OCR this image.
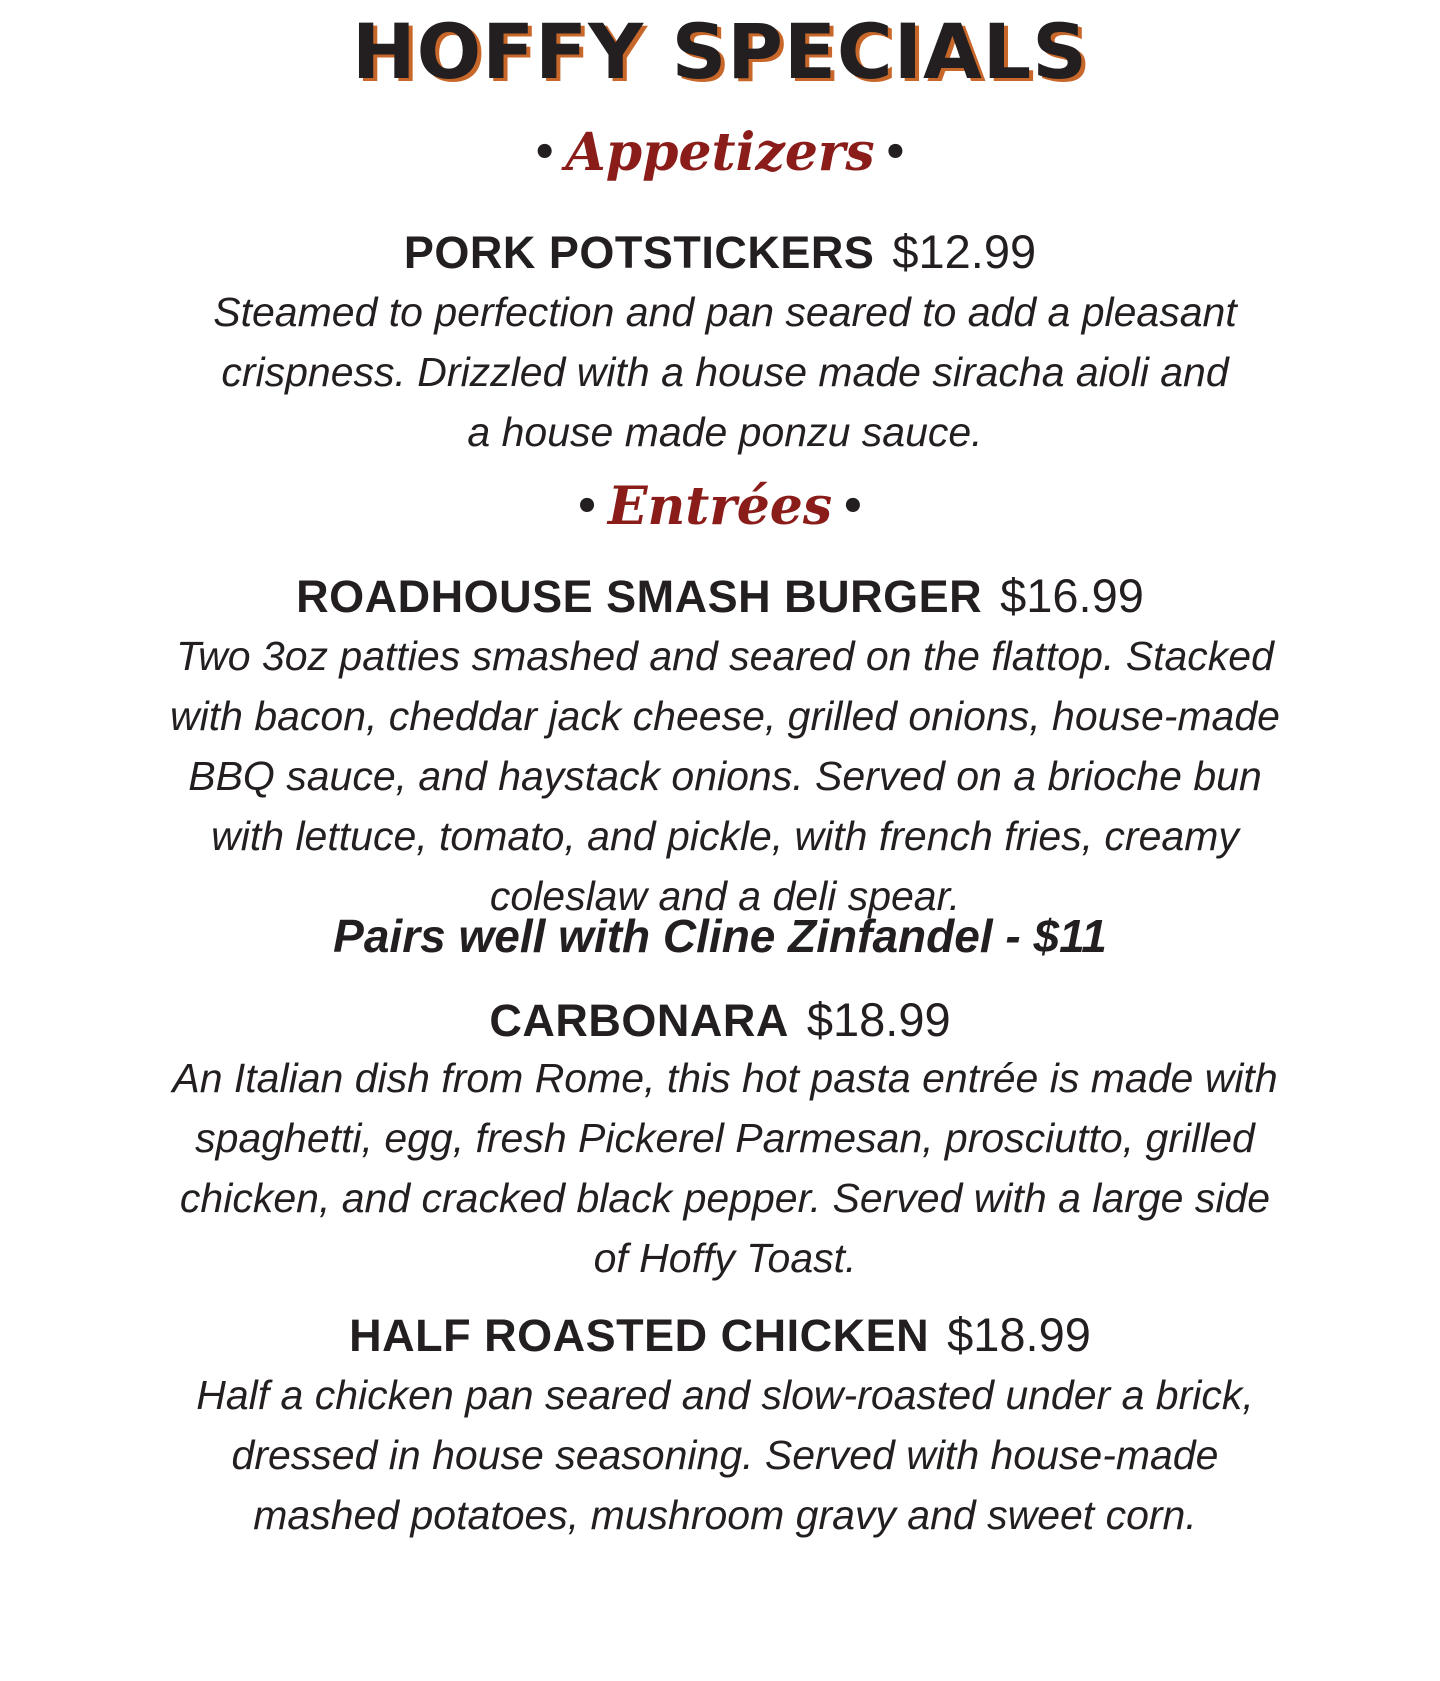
HOFFY SPECIALS
• Appetizers •
PORK POTSTICKERS $12.99

Steamed to perfection and pan seared to add a pleasant crispness. Drizzled with a house made siracha aioli and a house made ponzu sauce.

• Entrées •
ROADHOUSE SMASH BURGER $16.99

Two 3oz patties smashed and seared on the flattop. Stacked with bacon, cheddar jack cheese, grilled onions, house-made BBQ sauce, and haystack onions. Served on a brioche bun with lettuce, tomato, and pickle, with french fries, creamy coleslaw and a deli spear.

Pairs well with Cline Zinfandel - $11
CARBONARA $18.99

An Italian dish from Rome, this hot pasta entrée is made with spaghetti, egg, fresh Pickerel Parmesan, prosciutto, grilled chicken, and cracked black pepper. Served with a large side of Hoffy Toast.

HALF ROASTED CHICKEN $18.99

Half a chicken pan seared and slow-roasted under a brick, dressed in house seasoning. Served with house-made mashed potatoes, mushroom gravy and sweet corn.
